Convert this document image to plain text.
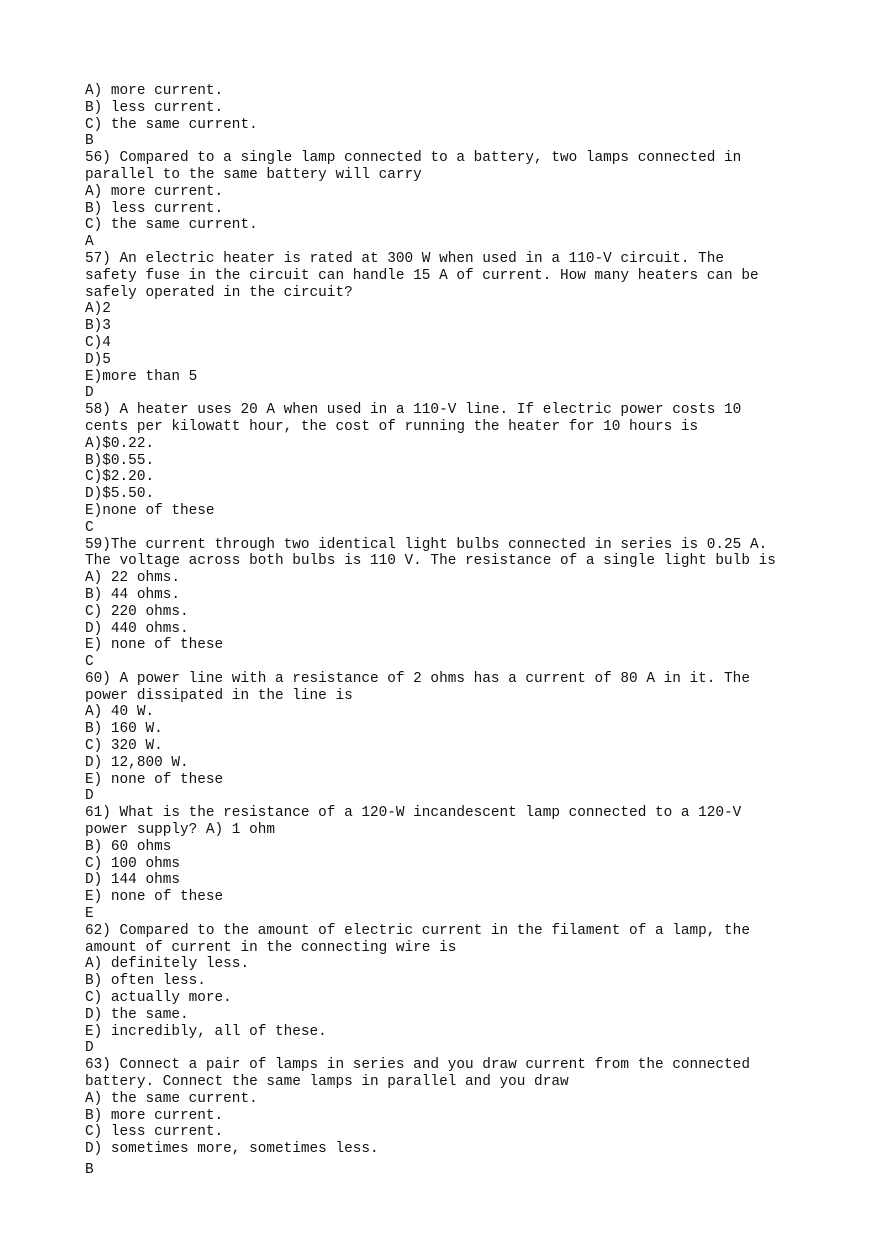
A) more current.
B) less current.
C) the same current.
B
56) Compared to a single lamp connected to a battery, two lamps connected in
parallel to the same battery will carry
A) more current.
B) less current.
C) the same current.
A
57) An electric heater is rated at 300 W when used in a 110-V circuit. The
safety fuse in the circuit can handle 15 A of current. How many heaters can be
safely operated in the circuit?
A)2
B)3
C)4
D)5
E)more than 5
D
58) A heater uses 20 A when used in a 110-V line. If electric power costs 10
cents per kilowatt hour, the cost of running the heater for 10 hours is
A)$0.22.
B)$0.55.
C)$2.20.
D)$5.50.
E)none of these
C
59)The current through two identical light bulbs connected in series is 0.25 A.
The voltage across both bulbs is 110 V. The resistance of a single light bulb is
A) 22 ohms.
B) 44 ohms.
C) 220 ohms.
D) 440 ohms.
E) none of these
C
60) A power line with a resistance of 2 ohms has a current of 80 A in it. The
power dissipated in the line is
A) 40 W.
B) 160 W.
C) 320 W.
D) 12,800 W.
E) none of these
D
61) What is the resistance of a 120-W incandescent lamp connected to a 120-V
power supply? A) 1 ohm
B) 60 ohms
C) 100 ohms
D) 144 ohms
E) none of these
E
62) Compared to the amount of electric current in the filament of a lamp, the
amount of current in the connecting wire is
A) definitely less.
B) often less.
C) actually more.
D) the same.
E) incredibly, all of these.
D
63) Connect a pair of lamps in series and you draw current from the connected
battery. Connect the same lamps in parallel and you draw
A) the same current.
B) more current.
C) less current.
D) sometimes more, sometimes less.
B
